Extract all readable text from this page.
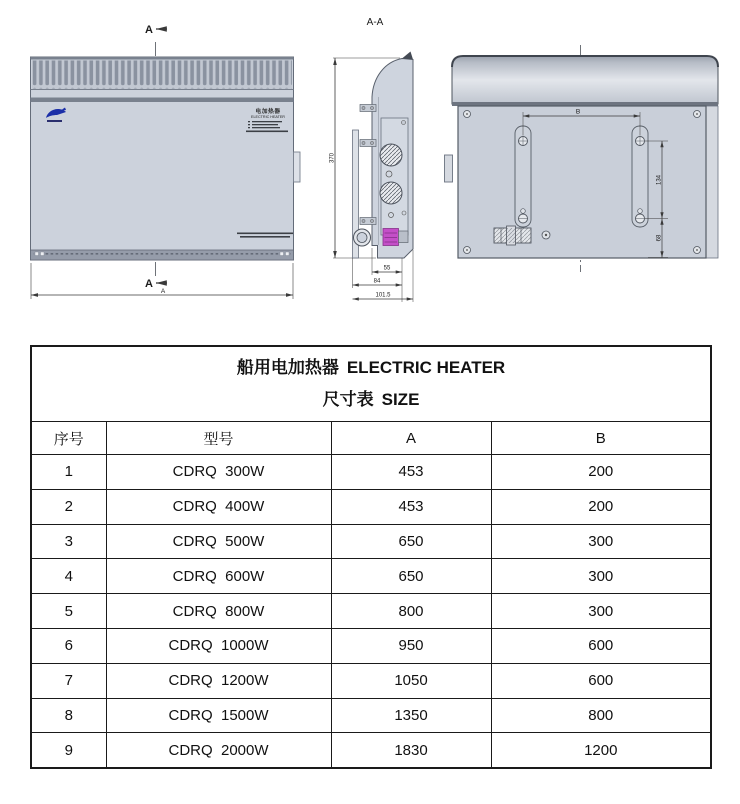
A
电加热器
ELECTRIC HEATER
A
A
A-A
370
55
84
101.5
B
134
68
船用电加热器 ELECTRIC HEATER
尺寸表 SIZE			

序号	型号	A	B
1	CDRQ  300W	453	200
2	CDRQ  400W	453	200
3	CDRQ  500W	650	300
4	CDRQ  600W	650	300
5	CDRQ  800W	800	300
6	CDRQ  1000W	950	600
7	CDRQ  1200W	1050	600
8	CDRQ  1500W	1350	800
9	CDRQ  2000W	1830	1200
